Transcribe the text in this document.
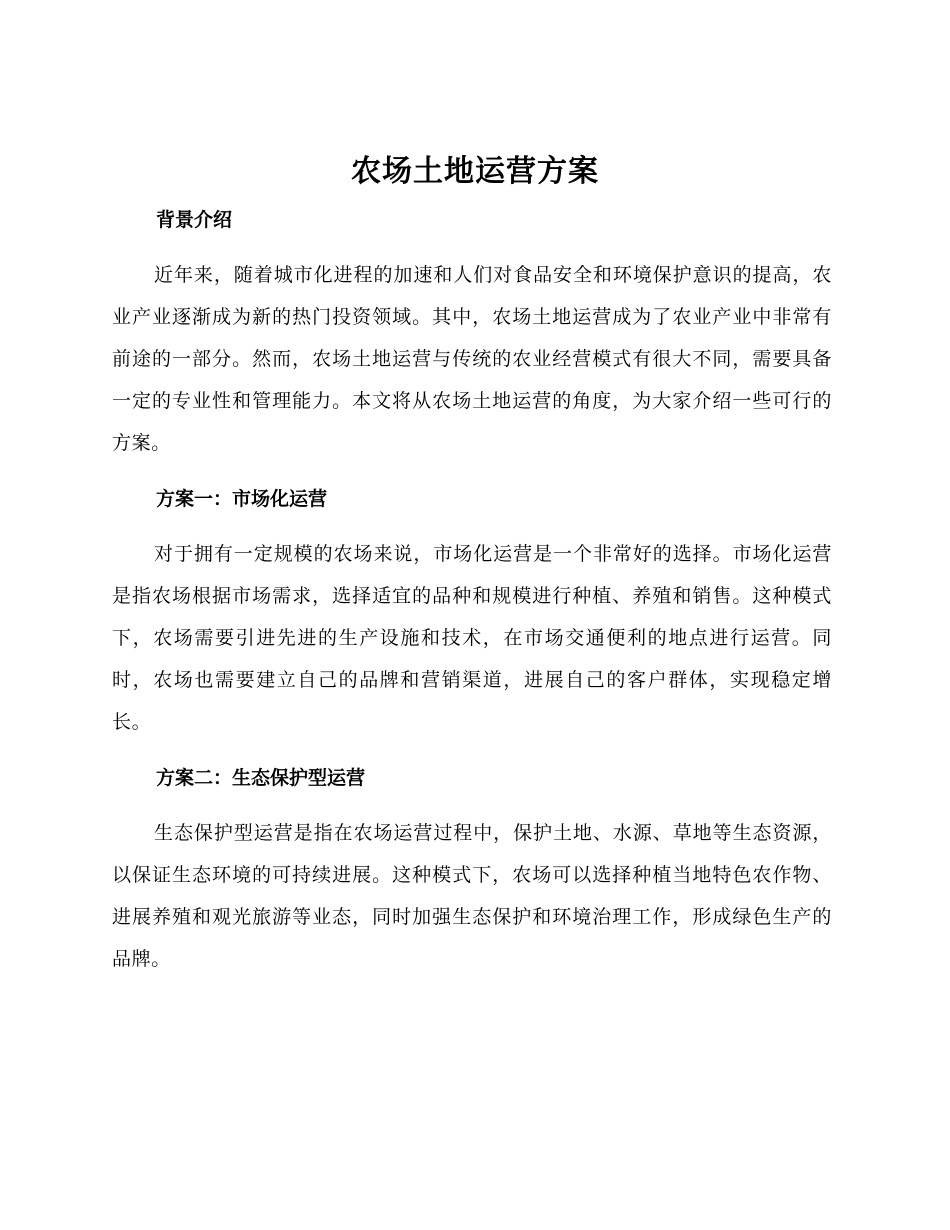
农场土地运营方案
背景介绍

近年来，随着城市化进程的加速和人们对食品安全和环境保护意识的提高，农业产业逐渐成为新的热门投资领域。其中，农场土地运营成为了农业产业中非常有前途的一部分。然而，农场土地运营与传统的农业经营模式有很大不同，需要具备一定的专业性和管理能力。本文将从农场土地运营的角度，为大家介绍一些可行的方案。

方案一：市场化运营

对于拥有一定规模的农场来说，市场化运营是一个非常好的选择。市场化运营是指农场根据市场需求，选择适宜的品种和规模进行种植、养殖和销售。这种模式下，农场需要引进先进的生产设施和技术，在市场交通便利的地点进行运营。同时，农场也需要建立自己的品牌和营销渠道，进展自己的客户群体，实现稳定增长。

方案二：生态保护型运营

生态保护型运营是指在农场运营过程中，保护土地、水源、草地等生态资源，以保证生态环境的可持续进展。这种模式下，农场可以选择种植当地特色农作物、进展养殖和观光旅游等业态，同时加强生态保护和环境治理工作，形成绿色生产的品牌。
